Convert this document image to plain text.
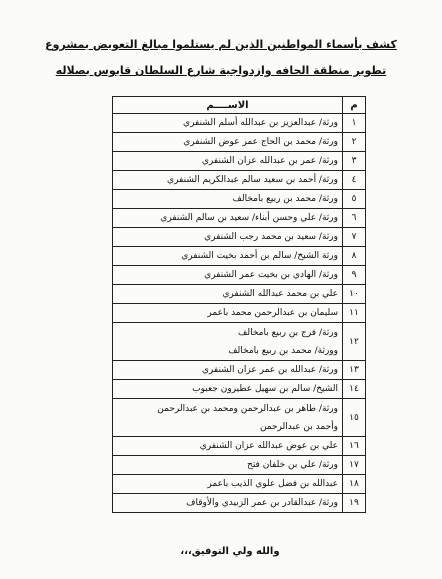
كشف بأسماء المواطنين الذين لم يستلموا مبالغ التعويض بمشروع
تطوير منطقة الحافه وازدواجية شارع السلطان قابوس بصلاله
م	الاســــم
١	ورثة/ عبدالعزيز بن عبدالله أسلم الشنفري

٢	ورثة/ محمد بن الحاج عمر عوض الشنفري

٣	ورثة/ عمر بن عبدالله عزان الشنفري

٤	ورثة/ أحمد بن سعيد سالم عبدالكريم الشنفري

٥	ورثة/ محمد بن ربيع بامخالف

٦	ورثة/ علي وحسن أبناء/ سعيد بن سالم الشنفري

٧	ورثة/ سعيد بن محمد رجب الشنفري

٨	ورثة الشيخ/ سالم بن أحمد بخيت الشنفري

٩	ورثة/ الهادي بن بخيت عمر الشنفري

١٠	علي بن محمد عبدالله الشنفري

١١	سليمان بن عبدالرحمن محمد باعمر

١٢	ورثة/ فرج بن ربيع بامخالف
وورثة/ محمد بن ربيع بامخالف

١٣	ورثة/ عبدالله بن عمر عزان الشنفري

١٤	الشيخ/ سالم بن سهيل عطيرون جعبوب

١٥	ورثة/ طاهر بن عبدالرحمن ومحمد بن عبدالرحمن
وأحمد بن عبدالرحمن

١٦	علي بن عوض عبدالله عزان الشنفري

١٧	ورثة/ علي بن خلفان فتح

١٨	عبدالله بن فضل علوي الذيب باعمر

١٩	ورثة/ عبدالقادر بن عمر الزبيدي والأوقاف
والله ولي التوفيق،،،
